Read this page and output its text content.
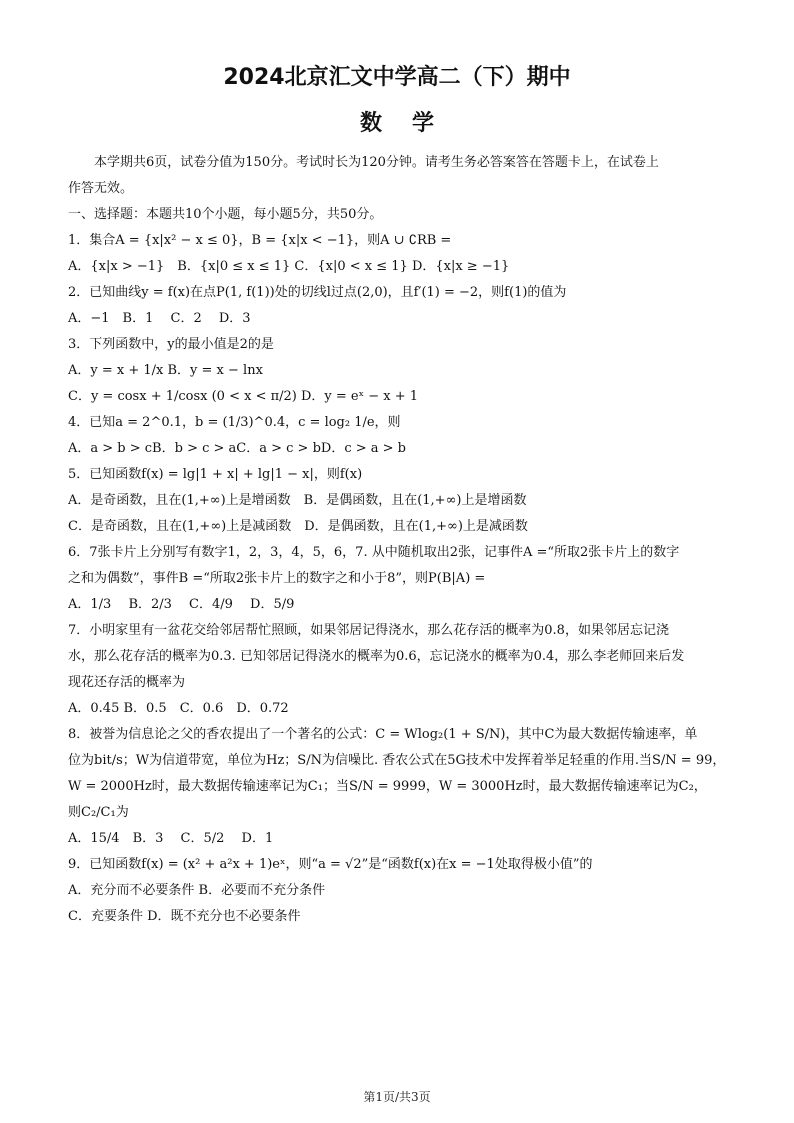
2024北京汇文中学高二（下）期中
数学
本学期共6页，试卷分值为150分。考试时长为120分钟。请考生务必答案答在答题卡上，在试卷上
作答无效。
一、选择题：本题共10个小题，每小题5分，共50分。
1．集合A = {x|x² − x ≤ 0}，B = {x|x < −1}，则A ∪ ∁RB =
A．{x|x > −1}　B．{x|0 ≤ x ≤ 1} C．{x|0 < x ≤ 1} D．{x|x ≥ −1}
2．已知曲线y = f(x)在点P(1, f(1))处的切线l过点(2,0)，且f′(1) = −2，则f(1)的值为
A．−1　B．1　 C．2　 D．3
3．下列函数中，y的最小值是2的是
A．y = x + 1/x B．y = x − lnx
C．y = cosx + 1/cosx (0 < x < π/2) D．y = eˣ − x + 1
4．已知a = 2^0.1，b = (1/3)^0.4，c = log₂ 1/e，则
A．a > b > cB．b > c > aC．a > c > bD．c > a > b
5．已知函数f(x) = lg|1 + x| + lg|1 − x|，则f(x)
A．是奇函数，且在(1,+∞)上是增函数　B．是偶函数，且在(1,+∞)上是增函数
C．是奇函数，且在(1,+∞)上是减函数　D．是偶函数，且在(1,+∞)上是减函数
6．7张卡片上分别写有数字1，2，3，4，5，6，7. 从中随机取出2张，记事件A =“所取2张卡片上的数字
之和为偶数”，事件B =“所取2张卡片上的数字之和小于8”，则P(B|A) =
A．1/3　 B．2/3　 C．4/9　 D．5/9
7．小明家里有一盆花交给邻居帮忙照顾，如果邻居记得浇水，那么花存活的概率为0.8，如果邻居忘记浇
水，那么花存活的概率为0.3. 已知邻居记得浇水的概率为0.6，忘记浇水的概率为0.4，那么李老师回来后发
现花还存活的概率为
A．0.45 B．0.5　C．0.6　D．0.72
8．被誉为信息论之父的香农提出了一个著名的公式：C = Wlog₂(1 + S/N)，其中C为最大数据传输速率，单
位为bit/s；W为信道带宽，单位为Hz；S/N为信噪比. 香农公式在5G技术中发挥着举足轻重的作用.当S/N = 99，
W = 2000Hz时，最大数据传输速率记为C₁；当S/N = 9999，W = 3000Hz时，最大数据传输速率记为C₂，
则C₂/C₁为
A．15/4　B．3　 C．5/2　 D．1
9．已知函数f(x) = (x² + a²x + 1)eˣ，则“a = √2”是“函数f(x)在x = −1处取得极小值”的
A．充分而不必要条件 B．必要而不充分条件
C．充要条件 D．既不充分也不必要条件
第1页/共3页
